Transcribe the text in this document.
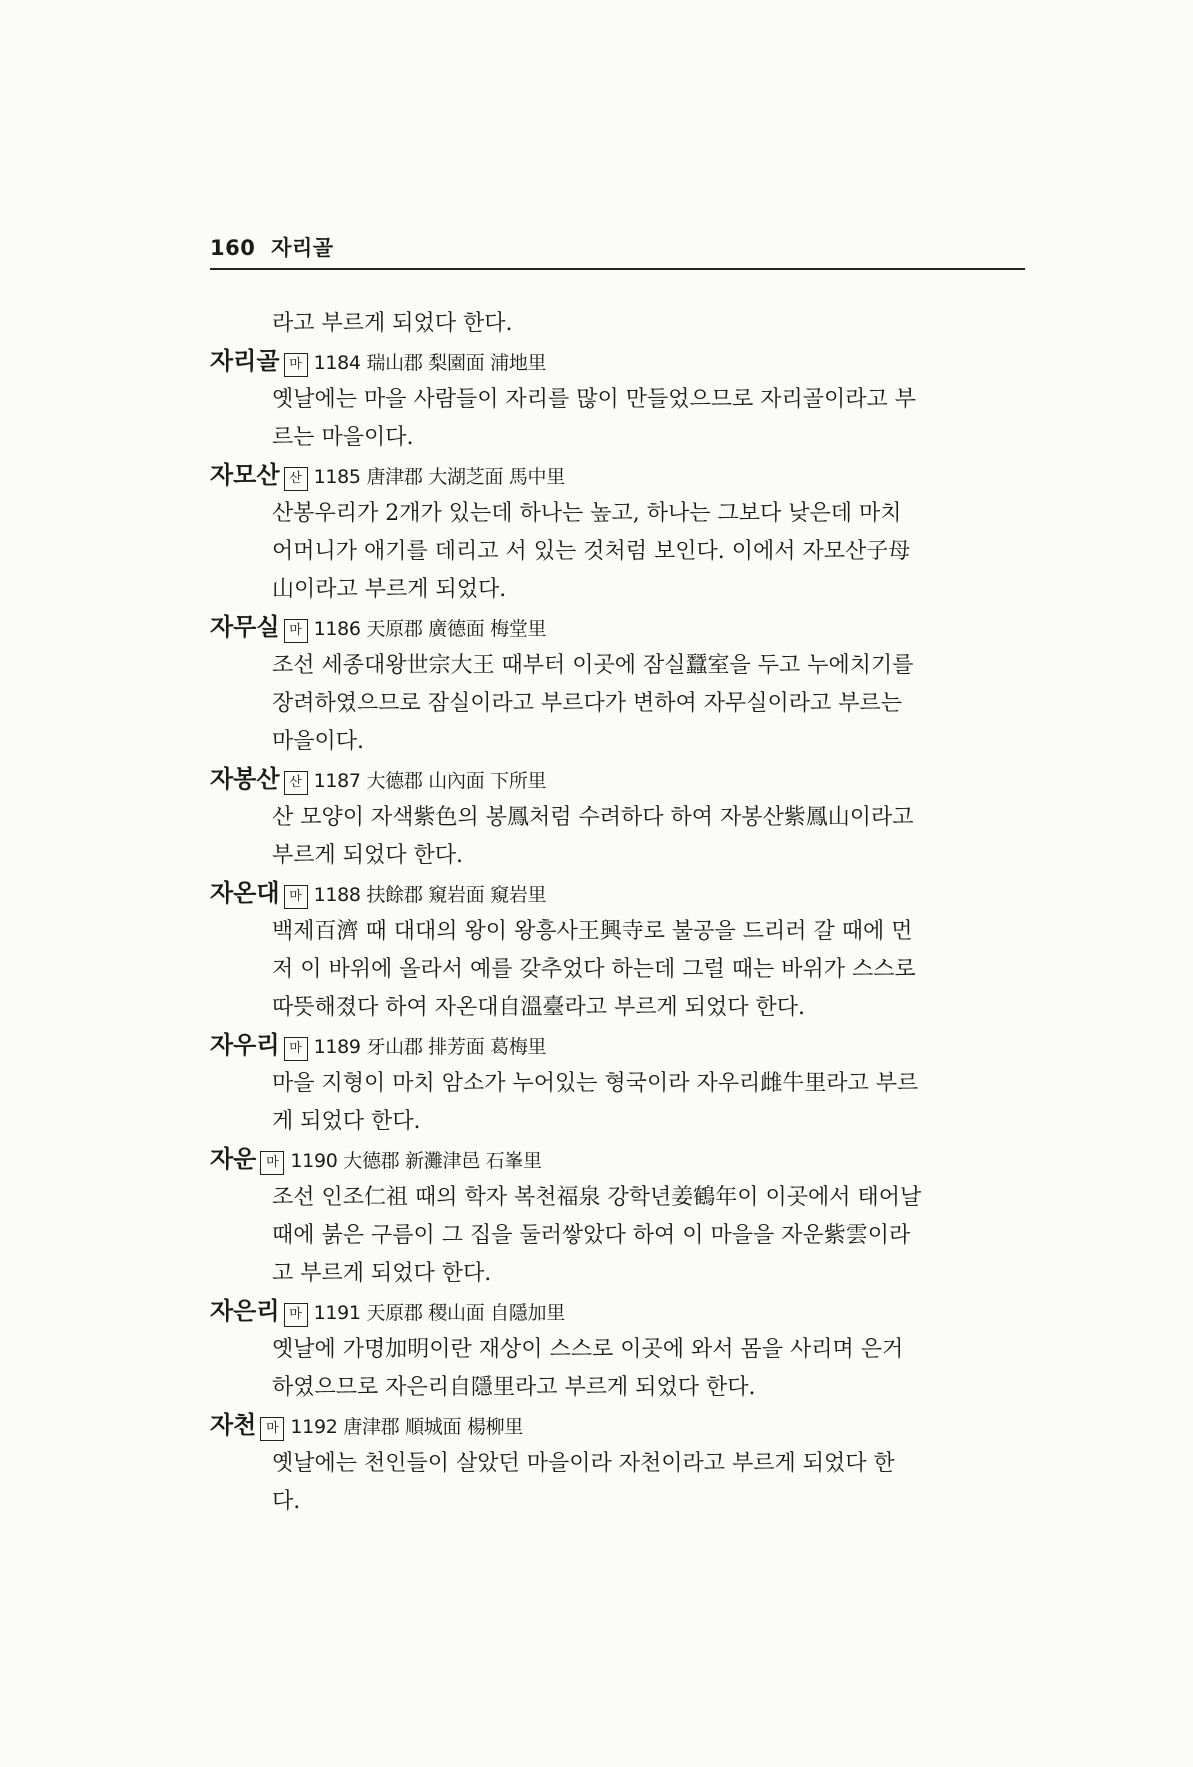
160 자리골
라고 부르게 되었다 한다.
자리골 마 1184 瑞山郡 梨園面 浦地里
옛날에는 마을 사람들이 자리를 많이 만들었으므로 자리골이라고 부
르는 마을이다.
자모산 산 1185 唐津郡 大湖芝面 馬中里
산봉우리가 2개가 있는데 하나는 높고, 하나는 그보다 낮은데 마치
어머니가 애기를 데리고 서 있는 것처럼 보인다. 이에서 자모산子母
山이라고 부르게 되었다.
자무실 마 1186 天原郡 廣德面 梅堂里
조선 세종대왕世宗大王 때부터 이곳에 잠실蠶室을 두고 누에치기를
장려하였으므로 잠실이라고 부르다가 변하여 자무실이라고 부르는
마을이다.
자봉산 산 1187 大德郡 山內面 下所里
산 모양이 자색紫色의 봉鳳처럼 수려하다 하여 자봉산紫鳳山이라고
부르게 되었다 한다.
자온대 마 1188 扶餘郡 窺岩面 窺岩里
백제百濟 때 대대의 왕이 왕흥사王興寺로 불공을 드리러 갈 때에 먼
저 이 바위에 올라서 예를 갖추었다 하는데 그럴 때는 바위가 스스로
따뜻해졌다 하여 자온대自溫臺라고 부르게 되었다 한다.
자우리 마 1189 牙山郡 排芳面 葛梅里
마을 지형이 마치 암소가 누어있는 형국이라 자우리雌牛里라고 부르
게 되었다 한다.
자운 마 1190 大德郡 新灘津邑 石峯里
조선 인조仁祖 때의 학자 복천福泉 강학년姜鶴年이 이곳에서 태어날
때에 붉은 구름이 그 집을 둘러쌓았다 하여 이 마을을 자운紫雲이라
고 부르게 되었다 한다.
자은리 마 1191 天原郡 稷山面 自隱加里
옛날에 가명加明이란 재상이 스스로 이곳에 와서 몸을 사리며 은거
하였으므로 자은리自隱里라고 부르게 되었다 한다.
자천 마 1192 唐津郡 順城面 楊柳里
옛날에는 천인들이 살았던 마을이라 자천이라고 부르게 되었다 한
다.
